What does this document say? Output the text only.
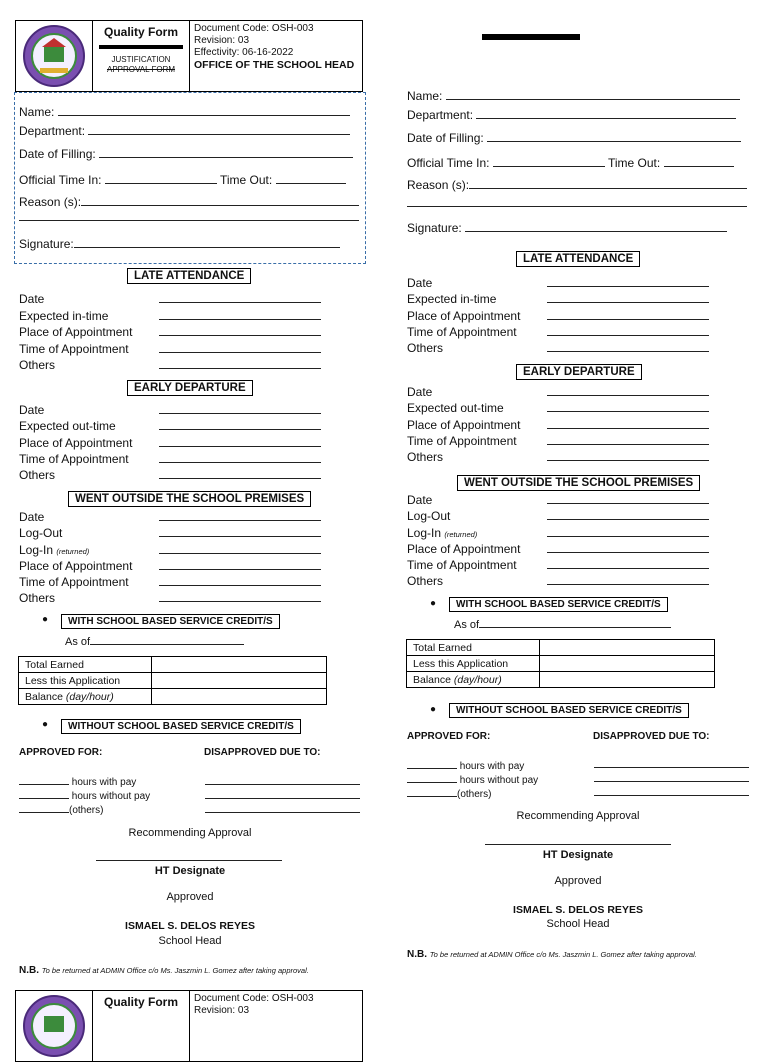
Quality Form
JUSTIFICATION
APPROVAL FORM
Document Code: OSH-003
Revision: 03
Effectivity: 06-16-2022
OFFICE OF THE SCHOOL HEAD
Name:
Department:
Date of Filling:
Official Time In:	Time Out:
Reason (s):
Signature:
LATE ATTENDANCE
Date
Expected in-time
Place of Appointment
Time of Appointment
Others
EARLY DEPARTURE
Date
Expected out-time
Place of Appointment
Time of Appointment
Others
WENT OUTSIDE THE SCHOOL PREMISES
Date
Log-Out
Log-In (returned)
Place of Appointment
Time of Appointment
Others
●	WITH SCHOOL BASED SERVICE CREDIT/S
As of
Total Earned	
Less this Application	
Balance (day/hour)	
●	WITHOUT SCHOOL BASED SERVICE CREDIT/S
APPROVED FOR:	DISAPPROVED DUE TO:
hours with pay
hours without pay
(others)
Recommending Approval
HT Designate
Approved
ISMAEL S. DELOS REYES
School Head
N.B. To be returned at ADMIN Office c/o Ms. Jaszmin L. Gomez after taking approval.
Quality Form Document Code: OSH-003
Revision: 03
Name:
Department:
Date of Filling:
Official Time In:	Time Out:
Reason (s):
Signature:
LATE ATTENDANCE
Date
Expected in-time
Place of Appointment
Time of Appointment
Others
EARLY DEPARTURE
Date
Expected out-time
Place of Appointment
Time of Appointment
Others
WENT OUTSIDE THE SCHOOL PREMISES
Date
Log-Out
Log-In (returned)
Place of Appointment
Time of Appointment
Others
●	WITH SCHOOL BASED SERVICE CREDIT/S
As of
Total Earned	
Less this Application	
Balance (day/hour)	
●	WITHOUT SCHOOL BASED SERVICE CREDIT/S
APPROVED FOR:	DISAPPROVED DUE TO:
hours with pay
hours without pay
(others)
Recommending Approval
HT Designate
Approved
ISMAEL S. DELOS REYES
School Head
N.B. To be returned at ADMIN Office c/o Ms. Jaszmin L. Gomez after taking approval.
